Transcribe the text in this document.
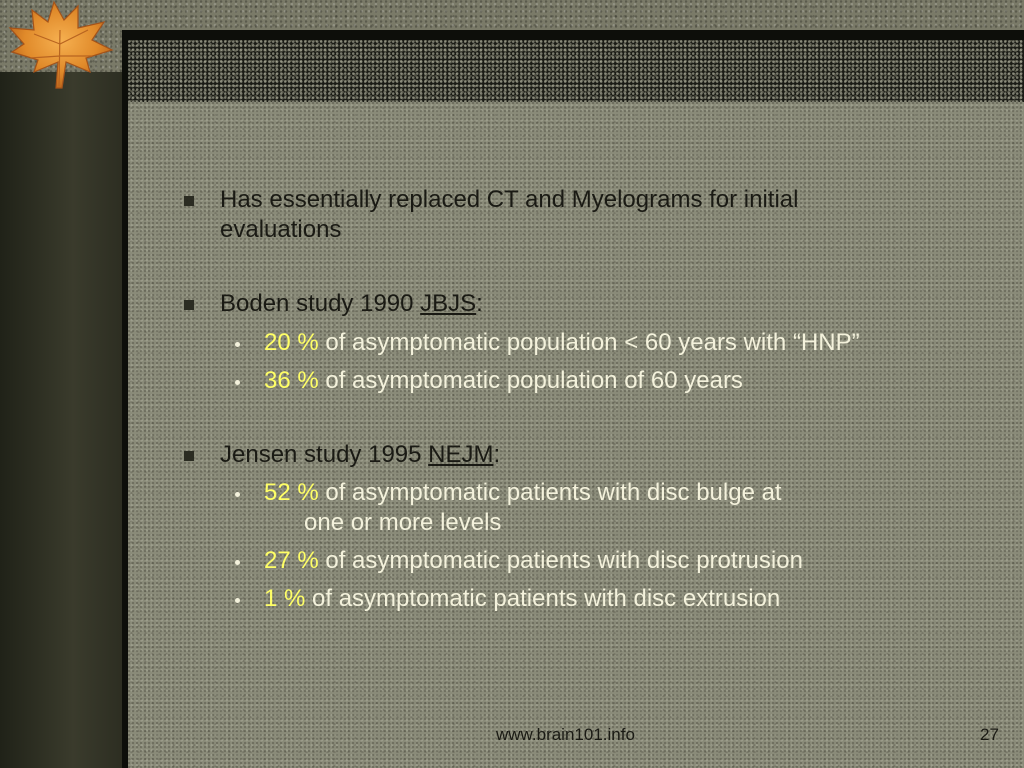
Has essentially replaced CT and Myelograms for initial
evaluations
Boden study 1990 JBJS:
20 % of asymptomatic population < 60 years with “HNP”
36 % of asymptomatic population of 60 years
Jensen study 1995 NEJM:
52 % of asymptomatic patients with disc bulge at
one or more levels
27 % of asymptomatic patients with disc protrusion
1 % of asymptomatic patients with disc extrusion
www.brain101.info	27
